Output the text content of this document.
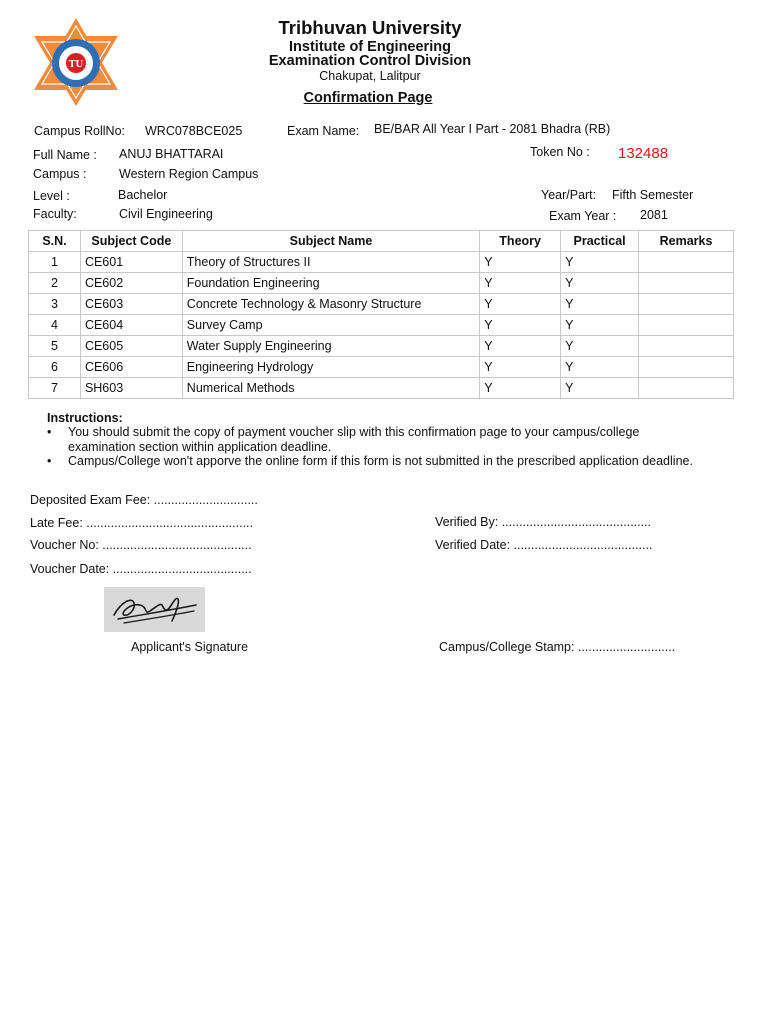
TU
Tribhuvan University
Institute of Engineering
Examination Control Division
Chakupat, Lalitpur
Confirmation Page
Campus RollNo: WRC078BCE025	Exam Name: BE/BAR All Year I Part - 2081 Bhadra (RB)
Full Name : ANUJ BHATTARAI	Token No : 132488
Campus :	Western Region Campus
Level :	Bachelor	Year/Part: Fifth Semester
Faculty:	Civil Engineering	Exam Year : 2081
S.N.	Subject Code	Subject Name	Theory	Practical	Remarks
1	CE601	Theory of Structures II	Y	Y	
2	CE602	Foundation Engineering	Y	Y	
3	CE603	Concrete Technology & Masonry Structure	Y	Y	
4	CE604	Survey Camp	Y	Y	
5	CE605	Water Supply Engineering	Y	Y	
6	CE606	Engineering Hydrology	Y	Y	
7	SH603	Numerical Methods	Y	Y	
Instructions:
• You should submit the copy of payment voucher slip with this confirmation page to your campus/college examination section within application deadline.
• Campus/College won't apporve the online form if this form is not submitted in the prescribed application deadline.
Deposited Exam Fee: ..............................
Late Fee: ................................................	Verified By: ...........................................
Voucher No: ...........................................	Verified Date: ........................................
Voucher Date: ........................................
Applicant's Signature	Campus/College Stamp: ............................
